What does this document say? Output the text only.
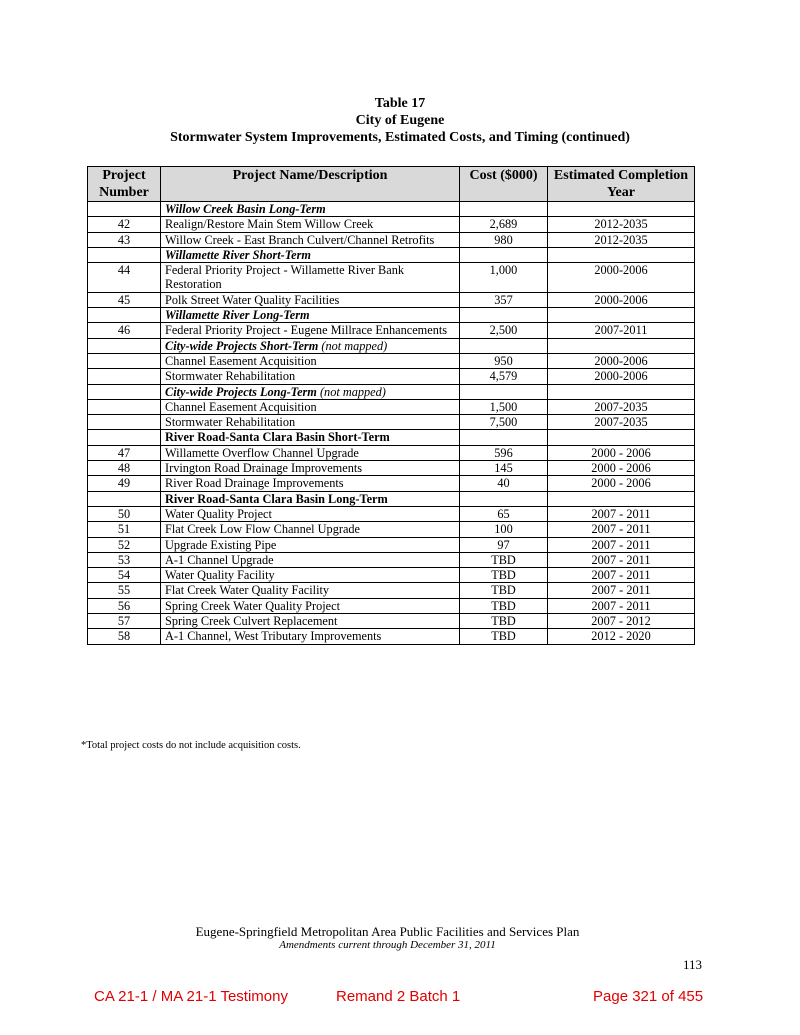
Table 17
City of Eugene
Stormwater System Improvements, Estimated Costs, and Timing (continued)
Project Number	Project Name/Description	Cost ($000)	Estimated Completion Year
	Willow Creek Basin Long-Term		
42	Realign/Restore Main Stem Willow Creek	2,689	2012-2035
43	Willow Creek - East Branch Culvert/Channel Retrofits	980	2012-2035
	Willamette River Short-Term		
44	Federal Priority Project - Willamette River Bank Restoration	1,000	2000-2006
45	Polk Street Water Quality Facilities	357	2000-2006
	Willamette River Long-Term		
46	Federal Priority Project - Eugene Millrace Enhancements	2,500	2007-2011
	City-wide Projects Short-Term (not mapped)		
	Channel Easement Acquisition	950	2000-2006
	Stormwater Rehabilitation	4,579	2000-2006
	City-wide Projects Long-Term (not mapped)		
	Channel Easement Acquisition	1,500	2007-2035
	Stormwater Rehabilitation	7,500	2007-2035
	River Road-Santa Clara Basin Short-Term		
47	Willamette Overflow Channel Upgrade	596	2000 - 2006
48	Irvington Road Drainage Improvements	145	2000 - 2006
49	River Road Drainage Improvements	40	2000 - 2006
	River Road-Santa Clara Basin Long-Term		
50	Water Quality Project	65	2007 - 2011
51	Flat Creek Low Flow Channel Upgrade	100	2007 - 2011
52	Upgrade Existing Pipe	97	2007 - 2011
53	A-1 Channel Upgrade	TBD	2007 - 2011
54	Water Quality Facility	TBD	2007 - 2011
55	Flat Creek Water Quality Facility	TBD	2007 - 2011
56	Spring Creek Water Quality Project	TBD	2007 - 2011
57	Spring Creek Culvert Replacement	TBD	2007 - 2012
58	A-1 Channel, West Tributary Improvements	TBD	2012 - 2020
*Total project costs do not include acquisition costs.
Eugene-Springfield Metropolitan Area Public Facilities and Services Plan
Amendments current through December 31, 2011
113
CA 21-1 / MA 21-1 Testimony	Remand 2 Batch 1	Page 321 of 455
